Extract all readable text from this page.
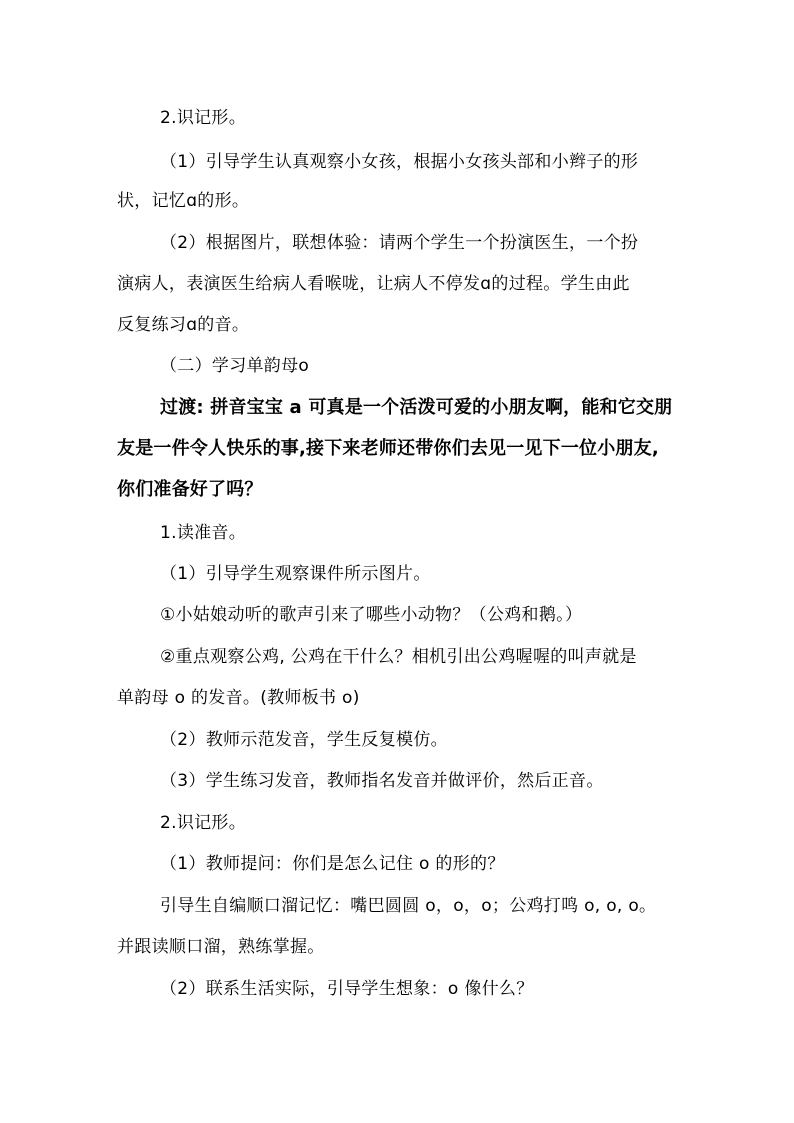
2.识记形。
（1）引导学生认真观察小女孩，根据小女孩头部和小辫子的形
状，记忆ɑ的形。
（2）根据图片，联想体验：请两个学生一个扮演医生，一个扮
演病人，表演医生给病人看喉咙，让病人不停发ɑ的过程。学生由此
反复练习ɑ的音。
（二）学习单韵母o
过渡: 拼音宝宝 a 可真是一个活泼可爱的小朋友啊，能和它交朋
友是一件令人快乐的事,接下来老师还带你们去见一见下一位小朋友,
你们准备好了吗？
1.读准音。
（1）引导学生观察课件所示图片。
①小姑娘动听的歌声引来了哪些小动物？（公鸡和鹅。）
②重点观察公鸡, 公鸡在干什么？相机引出公鸡喔喔的叫声就是
单韵母 o 的发音。(教师板书 o)
（2）教师示范发音，学生反复模仿。
（3）学生练习发音，教师指名发音并做评价，然后正音。
2.识记形。
（1）教师提问：你们是怎么记住 o 的形的？
引导生自编顺口溜记忆：嘴巴圆圆 o，o，o；公鸡打鸣 o, o, o。
并跟读顺口溜，熟练掌握。
（2）联系生活实际，引导学生想象：o 像什么？
